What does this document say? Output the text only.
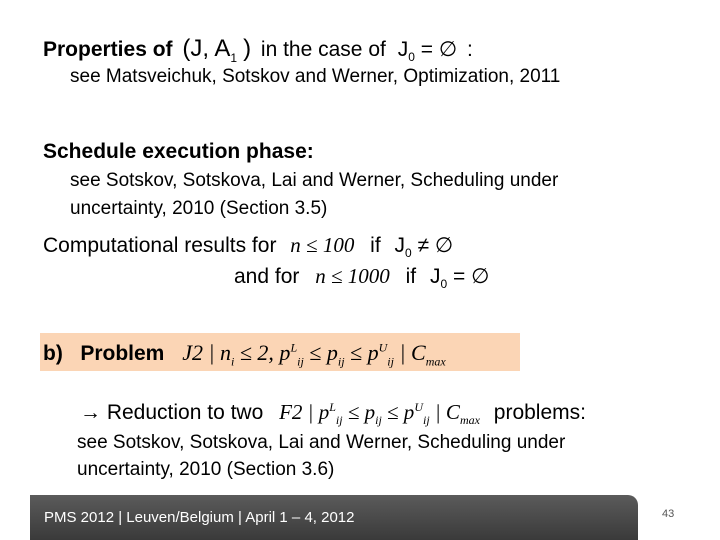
Properties of (J, $A_1$ ) in the case of $J_0$ = ∅ :
see Matsveichuk, Sotskov and Werner, Optimization, 2011
Schedule execution phase:
see Sotskov, Sotskova, Lai and Werner, Scheduling under
uncertainty, 2010 (Section 3.5)
Computational results for n ≤ 100 if $J_0$ ≠ ∅
and for n ≤ 1000 if $J_0$ = ∅
b)   Problem J2 | $n_i \le 2$, $p^L_{ij} \le p_{ij} \le p^U_{ij}$ | $C_{max}$
→ Reduction to two F2 | $p^L_{ij} \le p_{ij} \le p^U_{ij}$ | $C_{max}$ problems:
see Sotskov, Sotskova, Lai and Werner, Scheduling under
uncertainty, 2010 (Section 3.6)
PMS 2012 | Leuven/Belgium | April 1 – 4, 2012	43
